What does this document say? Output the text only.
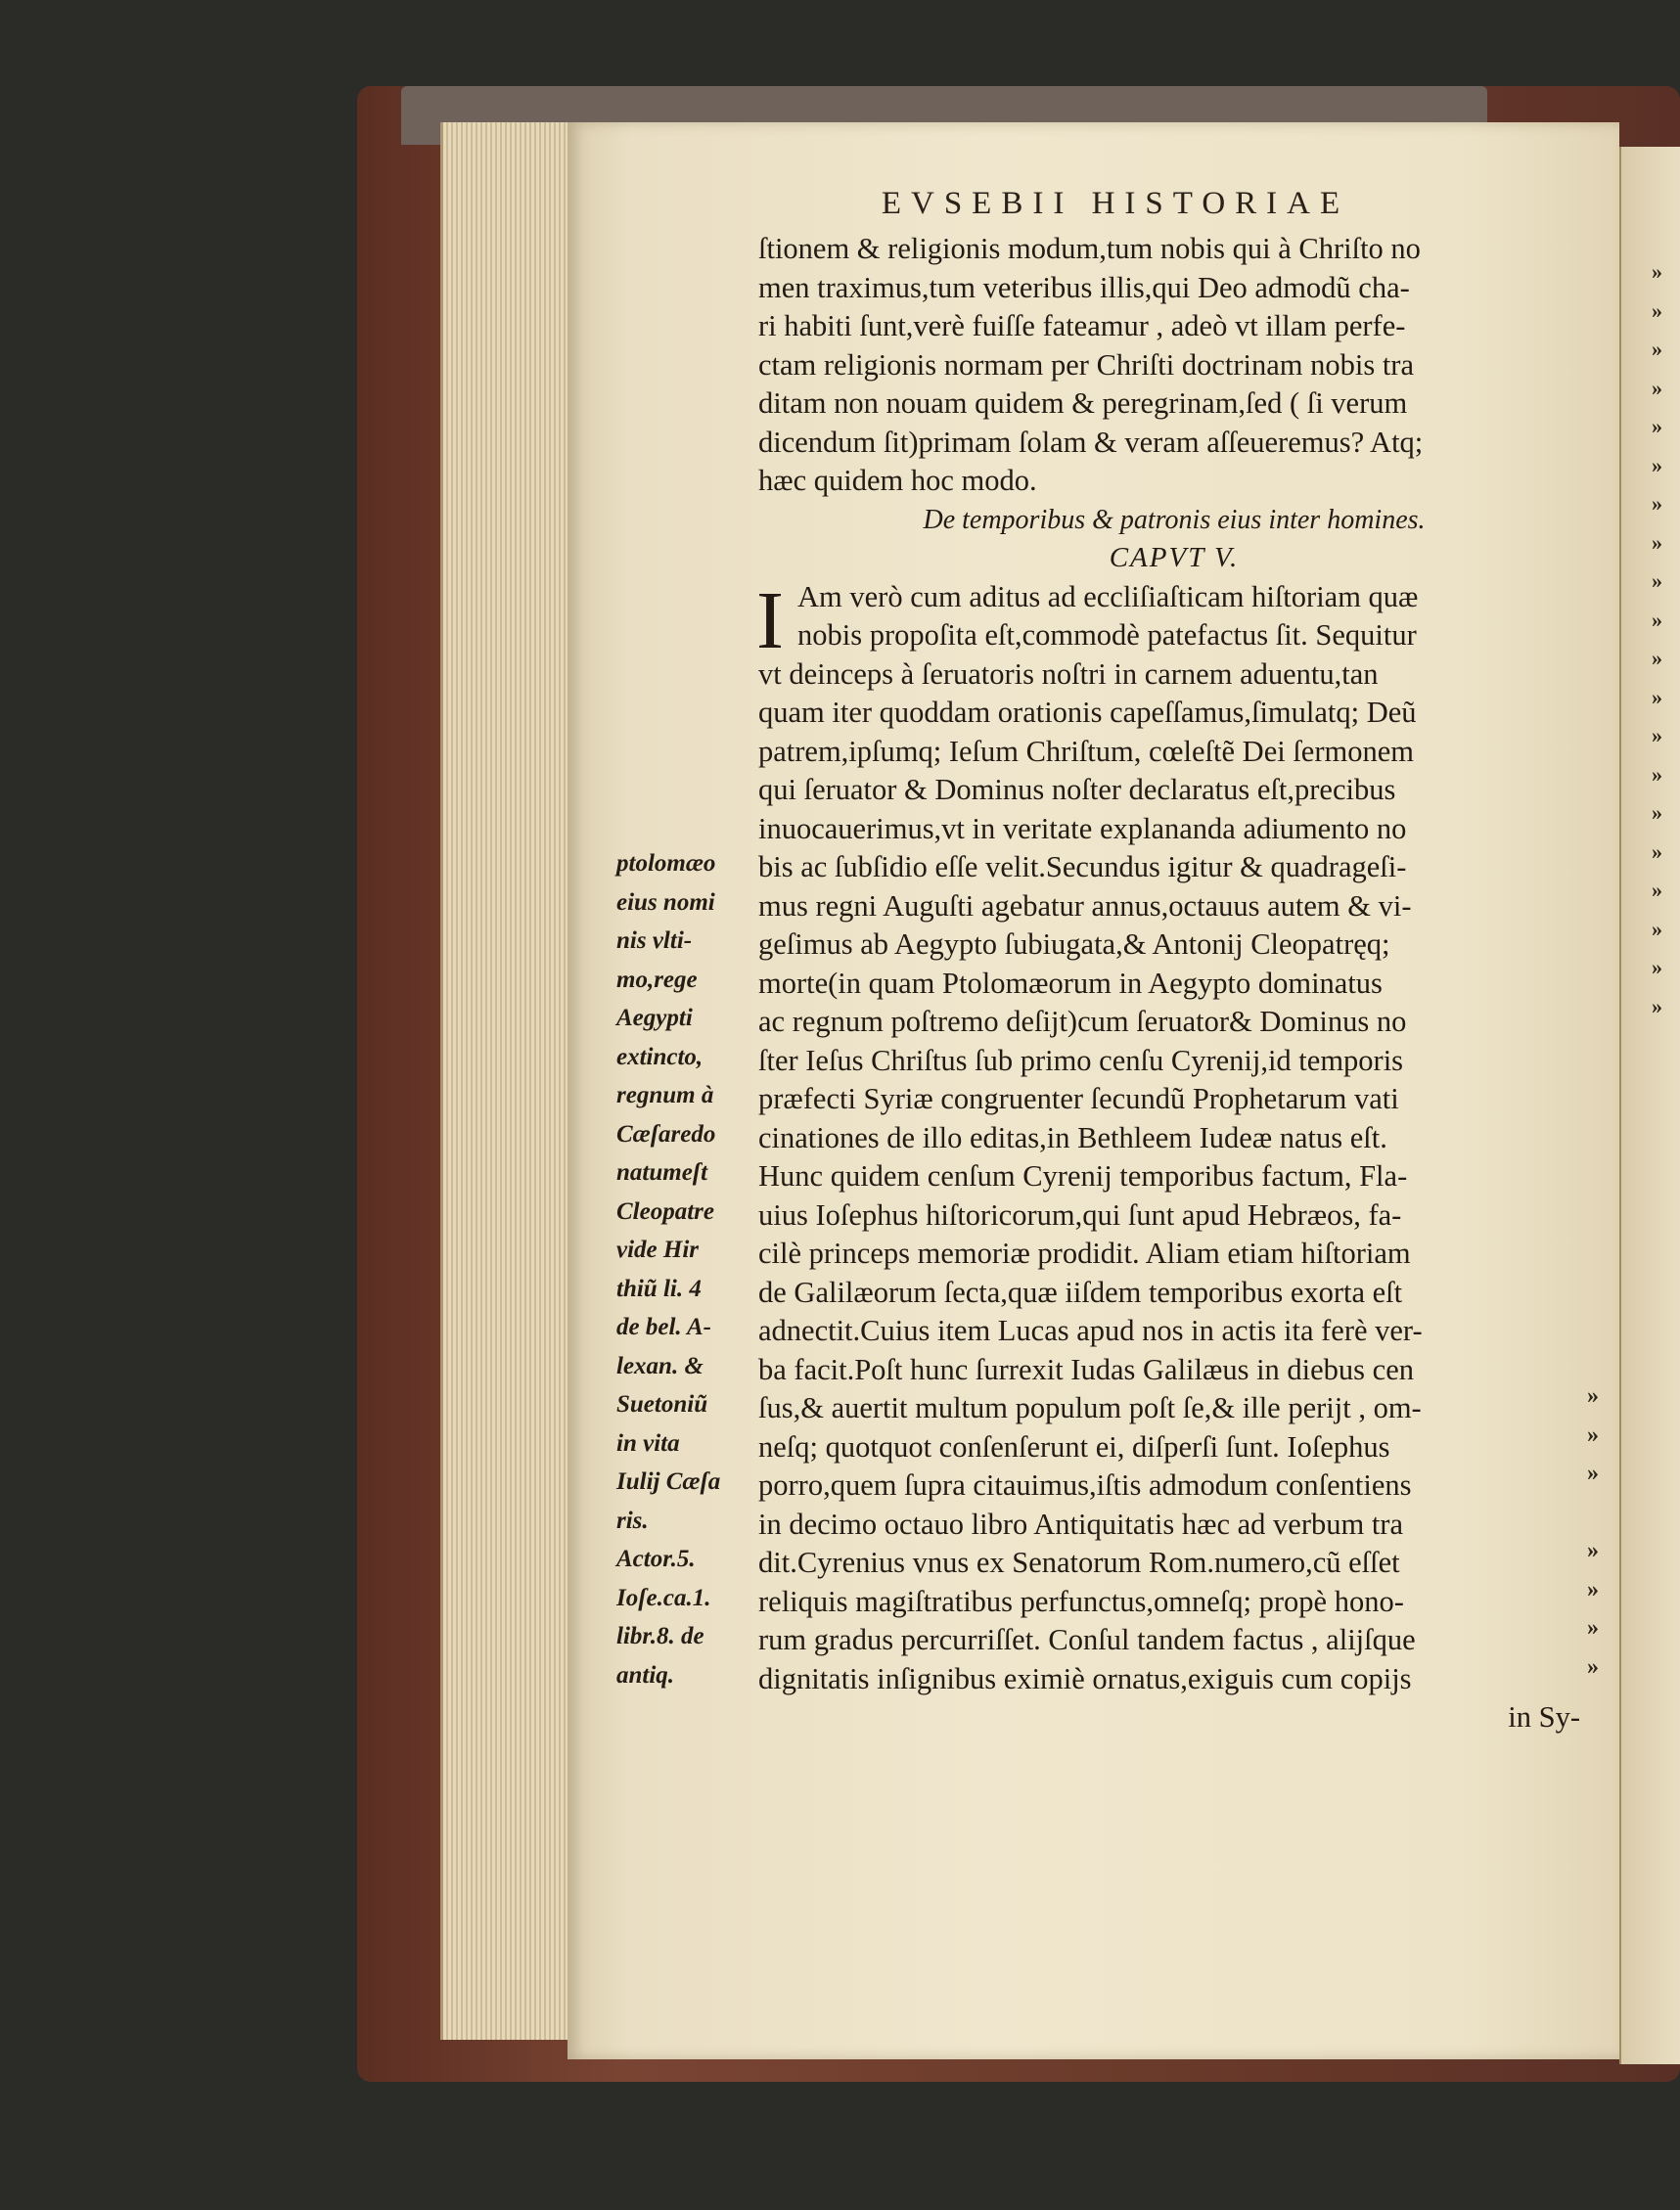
EVSEBII HISTORIAE
ſtionem & religionis modum,tum nobis qui à Chriſto no
men traximus,tum veteribus illis,qui Deo admodũ cha-
ri habiti ſunt,verè fuiſſe fateamur , adeò vt illam perfe-
ctam religionis normam per Chriſti doctrinam nobis tra
ditam non nouam quidem & peregrinam,ſed ( ſi verum
dicendum ſit)primam ſolam & veram aſſeueremus? Atq;
hæc quidem hoc modo.
De temporibus & patronis eius inter homines.
CAPVT V.
I Am verò cum aditus ad eccliſiaſticam hiſtoriam quæ
nobis propoſita eſt,commodè patefactus ſit. Sequitur
vt deinceps à ſeruatoris noſtri in carnem aduentu,tan
quam iter quoddam orationis capeſſamus,ſimulatq; Deũ
patrem,ipſumq; Ieſum Chriſtum, cœleſtẽ Dei ſermonem
qui ſeruator & Dominus noſter declaratus eſt,precibus
inuocauerimus,vt in veritate explananda adiumento no
bis ac ſubſidio eſſe velit.Secundus igitur & quadrageſi-
mus regni Auguſti agebatur annus,octauus autem & vi-
geſimus ab Aegypto ſubiugata,& Antonij Cleopatręq;
morte(in quam Ptolomæorum in Aegypto dominatus
ac regnum poſtremo deſijt)cum ſeruator& Dominus no
ſter Ieſus Chriſtus ſub primo cenſu Cyrenij,id temporis
præfecti Syriæ congruenter ſecundũ Prophetarum vati
cinationes de illo editas,in Bethleem Iudeæ natus eſt.
Hunc quidem cenſum Cyrenij temporibus factum, Fla-
uius Ioſephus hiſtoricorum,qui ſunt apud Hebræos, fa-
cilè princeps memoriæ prodidit. Aliam etiam hiſtoriam
de Galilæorum ſecta,quæ iiſdem temporibus exorta eſt
adnectit.Cuius item Lucas apud nos in actis ita ferè ver-
ba facit.Poſt hunc ſurrexit Iudas Galilæus in diebus cen
ſus,& auertit multum populum poſt ſe,& ille perijt , om-
neſq; quotquot conſenſerunt ei, diſperſi ſunt. Ioſephus
porro,quem ſupra citauimus,iſtis admodum conſentiens
in decimo octauo libro Antiquitatis hæc ad verbum tra
dit.Cyrenius vnus ex Senatorum Rom.numero,cũ eſſet
reliquis magiſtratibus perfunctus,omneſq; propè hono-
rum gradus percurriſſet. Conſul tandem factus , alijſque
dignitatis inſignibus eximiè ornatus,exiguis cum copijs
in Sy-
ptolomæo
eius nomi
nis vlti-
mo,rege
Aegypti
extincto,
regnum à
Cæſaredo
natumeſt
Cleopatre
vide Hir
thiũ li. 4
de bel. A-
lexan. &
Suetoniũ
in vita
Iulij Cæſa
ris.
Actor.5.
Ioſe.ca.1.
libr.8. de
antiq.
»
»
»
»
»
»
»
»
»
»
»
»
»
»
»
»
»
»
»
»
»
»
»
»
»
»
»
